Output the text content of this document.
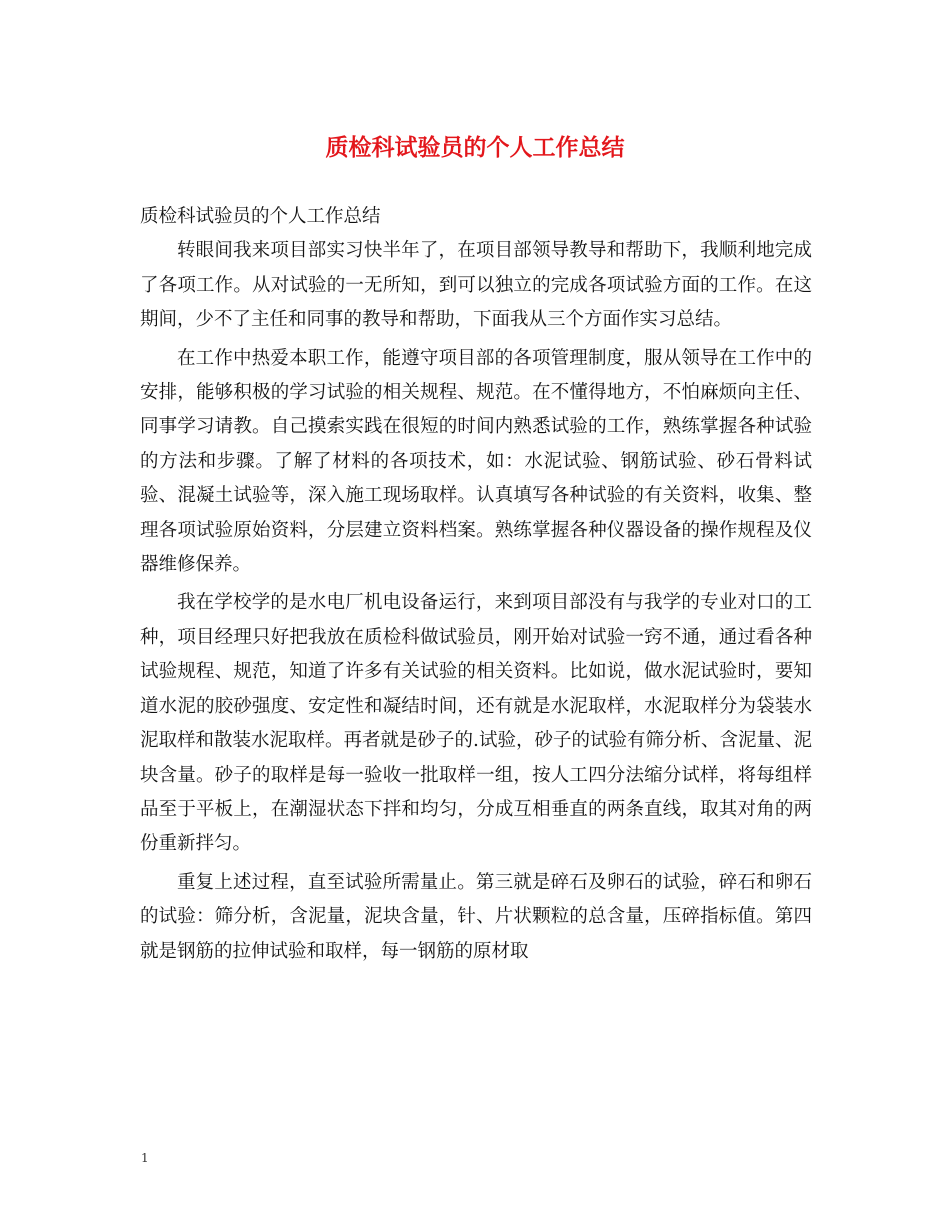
质检科试验员的个人工作总结

质检科试验员的个人工作总结

转眼间我来项目部实习快半年了，在项目部领导教导和帮助下，我顺利地完成了各项工作。从对试验的一无所知，到可以独立的完成各项试验方面的工作。在这期间，少不了主任和同事的教导和帮助，下面我从三个方面作实习总结。

在工作中热爱本职工作，能遵守项目部的各项管理制度，服从领导在工作中的安排，能够积极的学习试验的相关规程、规范。在不懂得地方，不怕麻烦向主任、同事学习请教。自己摸索实践在很短的时间内熟悉试验的工作，熟练掌握各种试验的方法和步骤。了解了材料的各项技术，如：水泥试验、钢筋试验、砂石骨料试验、混凝土试验等，深入施工现场取样。认真填写各种试验的有关资料，收集、整理各项试验原始资料，分层建立资料档案。熟练掌握各种仪器设备的操作规程及仪器维修保养。

我在学校学的是水电厂机电设备运行，来到项目部没有与我学的专业对口的工种，项目经理只好把我放在质检科做试验员，刚开始对试验一窍不通，通过看各种试验规程、规范，知道了许多有关试验的相关资料。比如说，做水泥试验时，要知道水泥的胶砂强度、安定性和凝结时间，还有就是水泥取样，水泥取样分为袋装水泥取样和散装水泥取样。再者就是砂子的.试验，砂子的试验有筛分析、含泥量、泥块含量。砂子的取样是每一验收一批取样一组，按人工四分法缩分试样，将每组样品至于平板上，在潮湿状态下拌和均匀，分成互相垂直的两条直线，取其对角的两份重新拌匀。

重复上述过程，直至试验所需量止。第三就是碎石及卵石的试验，碎石和卵石的试验：筛分析，含泥量，泥块含量，针、片状颗粒的总含量，压碎指标值。第四就是钢筋的拉伸试验和取样，每一钢筋的原材取

1
